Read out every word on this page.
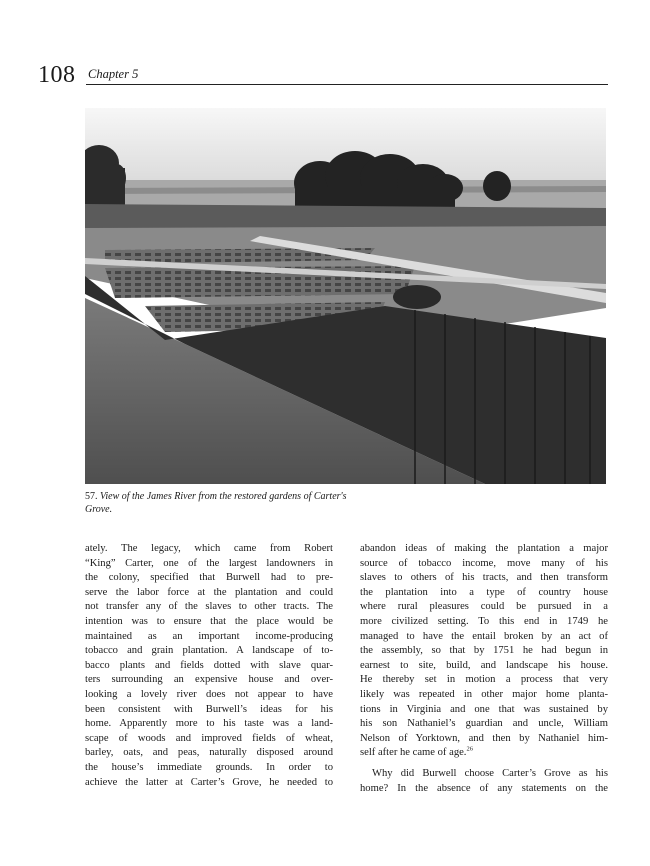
108 Chapter 5
57. View of the James River from the restored gardens of Carter's Grove.
ately. The legacy, which came from Robert
“King” Carter, one of the largest landowners in
the colony, specified that Burwell had to pre-
serve the labor force at the plantation and could
not transfer any of the slaves to other tracts. The
intention was to ensure that the place would be
maintained as an important income-producing
tobacco and grain plantation. A landscape of to-
bacco plants and fields dotted with slave quar-
ters surrounding an expensive house and over-
looking a lovely river does not appear to have
been consistent with Burwell’s ideas for his
home. Apparently more to his taste was a land-
scape of woods and improved fields of wheat,
barley, oats, and peas, naturally disposed around
the house’s immediate grounds. In order to
achieve the latter at Carter’s Grove, he needed to
abandon ideas of making the plantation a major
source of tobacco income, move many of his
slaves to others of his tracts, and then transform
the plantation into a type of country house
where rural pleasures could be pursued in a
more civilized setting. To this end in 1749 he
managed to have the entail broken by an act of
the assembly, so that by 1751 he had begun in
earnest to site, build, and landscape his house.
He thereby set in motion a process that very
likely was repeated in other major home planta-
tions in Virginia and one that was sustained by
his son Nathaniel’s guardian and uncle, William
Nelson of Yorktown, and then by Nathaniel him-
self after he came of age.$^{26}$
Why did Burwell choose Carter’s Grove as his
home? In the absence of any statements on the
